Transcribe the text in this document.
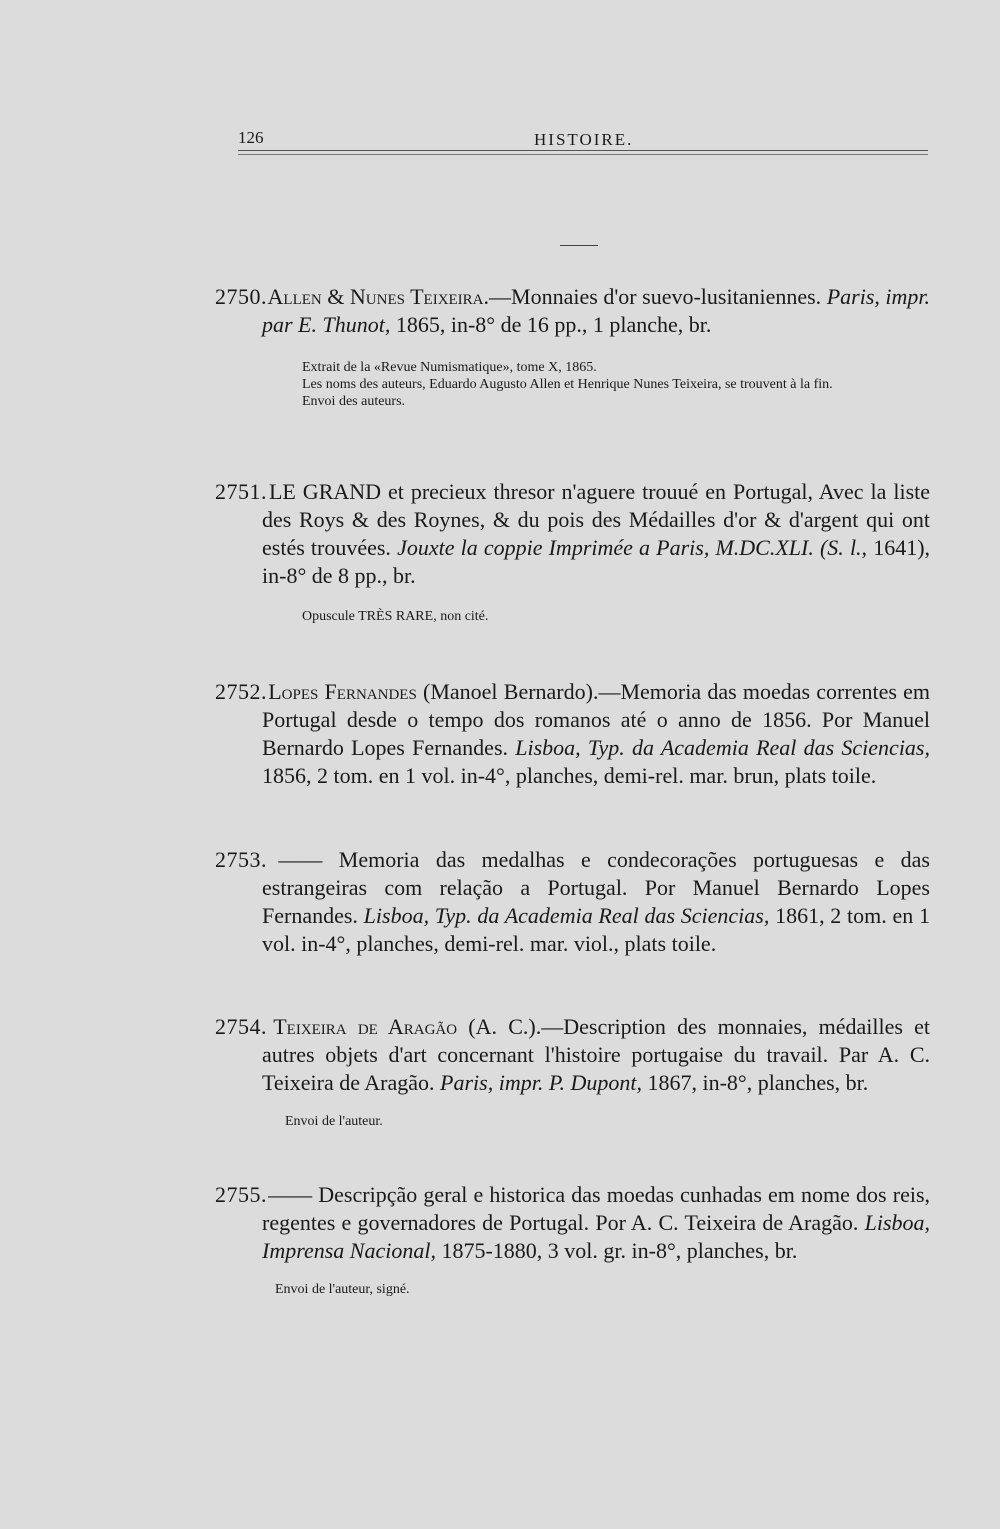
126	HISTOIRE.

2750. Allen & Nunes Teixeira.—Monnaies d'or suevo-lusitaniennes. Paris, impr. par E. Thunot, 1865, in-8° de 16 pp., 1 planche, br.

Extrait de la «Revue Numismatique», tome X, 1865.

Les noms des auteurs, Eduardo Augusto Allen et Henrique Nunes Teixeira, se trouvent à la fin.

Envoi des auteurs.

2751. LE GRAND et precieux thresor n'aguere trouué en Portugal, Avec la liste des Roys & des Roynes, & du pois des Médailles d'or & d'argent qui ont estés trouvées. Jouxte la coppie Imprimée a Paris, M.DC.XLI. (S. l., 1641), in-8° de 8 pp., br.

Opuscule TRÈS RARE, non cité.

2752. Lopes Fernandes (Manoel Bernardo).—Memoria das moedas correntes em Portugal desde o tempo dos romanos até o anno de 1856. Por Manuel Bernardo Lopes Fernandes. Lisboa, Typ. da Academia Real das Sciencias, 1856, 2 tom. en 1 vol. in-4°, planches, demi-rel. mar. brun, plats toile.

2753. —— Memoria das medalhas e condecorações portuguesas e das estrangeiras com relação a Portugal. Por Manuel Bernardo Lopes Fernandes. Lisboa, Typ. da Academia Real das Sciencias, 1861, 2 tom. en 1 vol. in-4°, planches, demi-rel. mar. viol., plats toile.

2754. Teixeira de Aragão (A. C.).—Description des monnaies, médailles et autres objets d'art concernant l'histoire portugaise du travail. Par A. C. Teixeira de Aragão. Paris, impr. P. Dupont, 1867, in-8°, planches, br.

Envoi de l'auteur.

2755. —— Descripção geral e historica das moedas cunhadas em nome dos reis, regentes e governadores de Portugal. Por A. C. Teixeira de Aragão. Lisboa, Imprensa Nacional, 1875-1880, 3 vol. gr. in-8°, planches, br.

Envoi de l'auteur, signé.
